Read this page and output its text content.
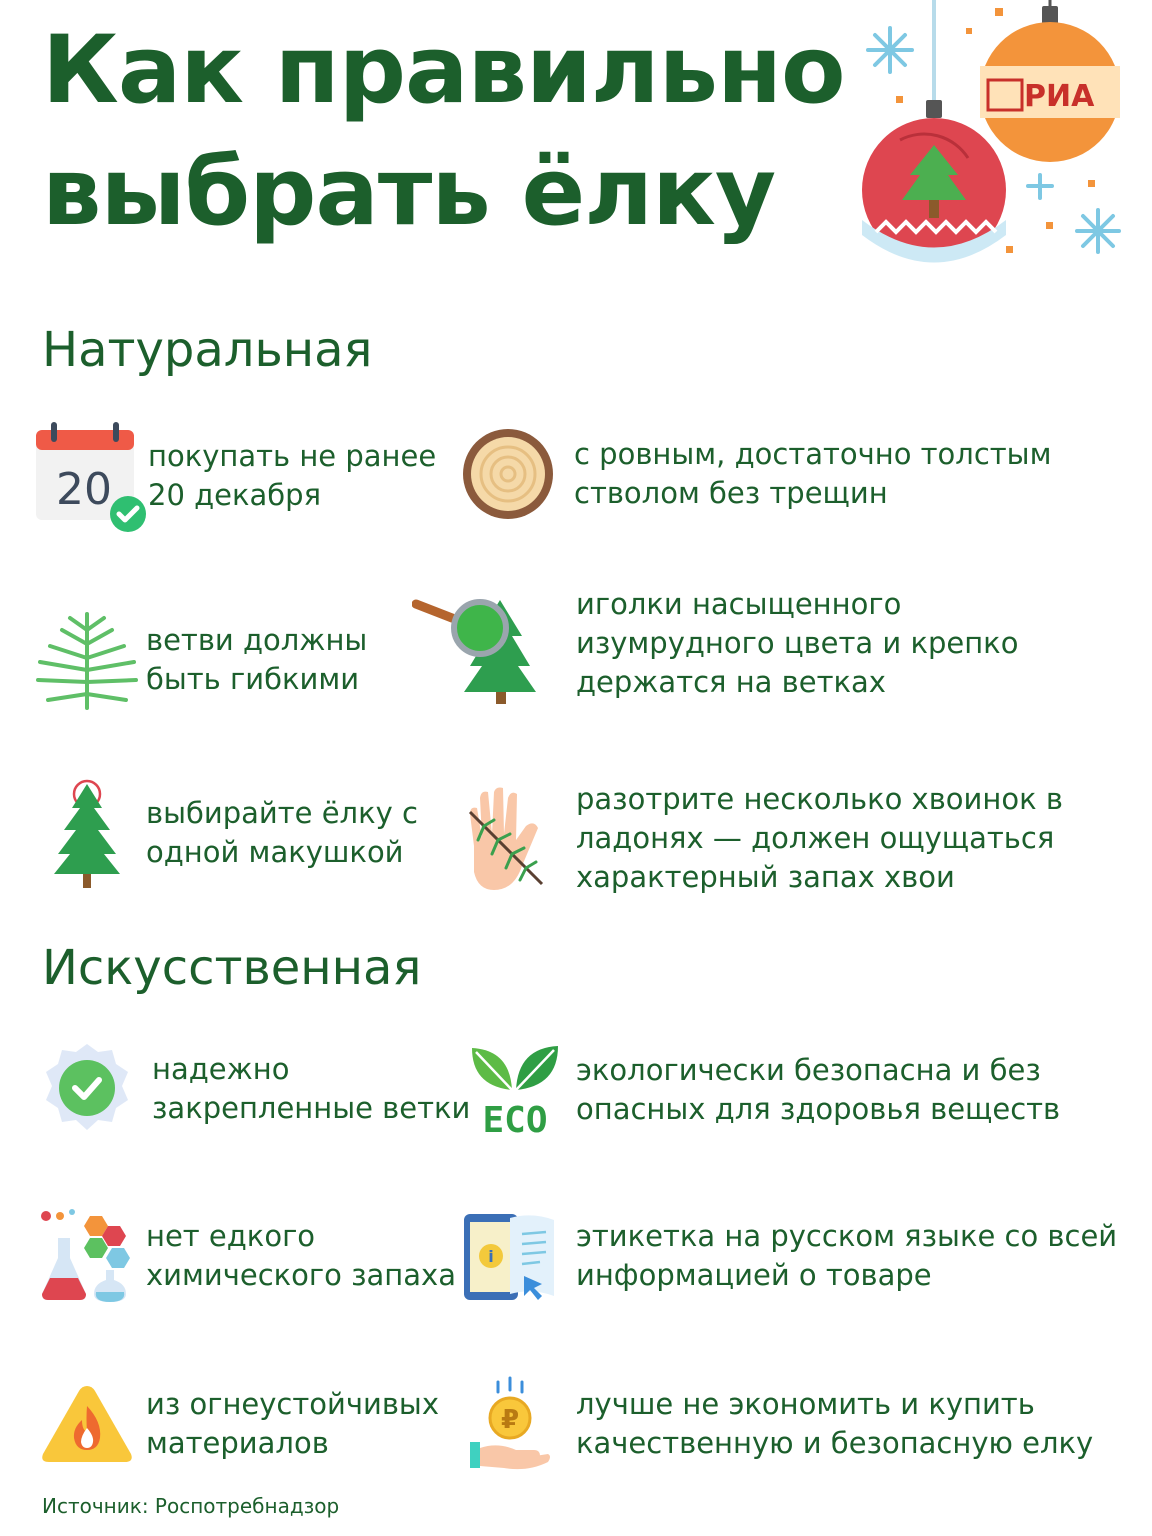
Как правильно
выбрать ёлку
РИА
Натуральная
20
покупать не ранее
20 декабря
с ровным, достаточно толстым
стволом без трещин
ветви должны
быть гибкими
иголки насыщенного
изумрудного цвета и крепко
держатся на ветках
выбирайте ёлку с
одной макушкой
разотрите несколько хвоинок в
ладонях — должен ощущаться
характерный запах хвои
Искусственная
надежно
закрепленные ветки ECO
экологически безопасна и без
опасных для здоровья веществ
нет едкого
химического запаха
i
этикетка на русском языке со всей
информацией о товаре
из огнеустойчивых
материалов
₽ лучше не экономить и купить
качественную и безопасную елку
Источник: Роспотребнадзор
